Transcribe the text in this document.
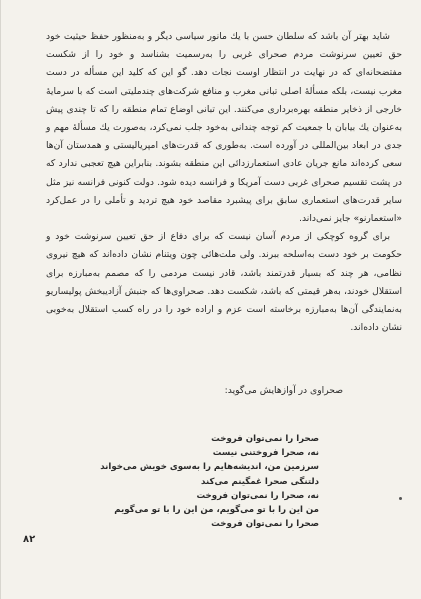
شاید بهتر آن باشد که سلطان حسن با یك مانور سیاسی دیگر و به‌منظور حفظ حیثیت خود حق تعیین سرنوشت مردم صحرای غربی را به‌رسمیت بشناسد و خود را از شکست مفتضحانه‌ای که در نهایت در انتظار اوست نجات دهد. گو این که کلید این مسأله در دست مغرب نیست، بلکه مسألهٔ اصلی تبانی مغرب و منافع شرکت‌های چندملیتی است که با سرمایهٔ خارجی از ذخایر منطقه بهره‌برداری می‌کنند. این تبانی اوضاع تمام منطقه را که تا چندی پیش به‌عنوان یك بیابان با جمعیت کم توجه چندانی به‌خود جلب نمی‌کرد، به‌صورت یك مسألهٔ مهم و جدی در ابعاد بین‌المللی در آورده است. به‌طوری که قدرت‌های امپریالیستی و همدستان آن‌ها سعی کرده‌اند مانع جریان عادی استعمارزدائی این منطقه بشوند. بنابراین هیچ تعجبی ندارد که در پشت تقسیم صحرای غربی دست آمریکا و فرانسه دیده شود. دولت کنونی فرانسه نیز مثل سایر قدرت‌های استعماری سابق برای پیشبرد مقاصد خود هیچ تردید و تأملی را در عمل‌کرد «استعمارنو» جایز نمی‌داند.

برای گروه کوچکی از مردم آسان نیست که برای دفاع از حق تعیین سرنوشت خود و حکومت بر خود دست به‌اسلحه ببرند. ولی ملت‌هائی چون ویتنام نشان داده‌اند که هیچ نیروی نظامی، هر چند که بسیار قدرتمند باشد، قادر نیست مردمی را که مصمم به‌مبارزه برای استقلال خودند، به‌هر قیمتی که باشد، شکست دهد. صحراوی‌ها که جنبش آزادیبخش پولیساریو به‌نمایندگی آن‌ها به‌مبارزه برخاسته است عزم و اراده خود را در راه کسب استقلال به‌خوبی نشان داده‌اند.

صحراوی در آوازهایش می‌گوید:
صحرا را نمی‌توان فروخت
نه، صحرا فروختنی نیست
سرزمین من، اندیشه‌هایم را به‌سوی خویش می‌خواند
دلتنگی صحرا غمگینم می‌کند
نه، صحرا را نمی‌توان فروخت
من این را با تو می‌گویم، من این را با تو می‌گویم
صحرا را نمی‌توان فروخت
۸۲
